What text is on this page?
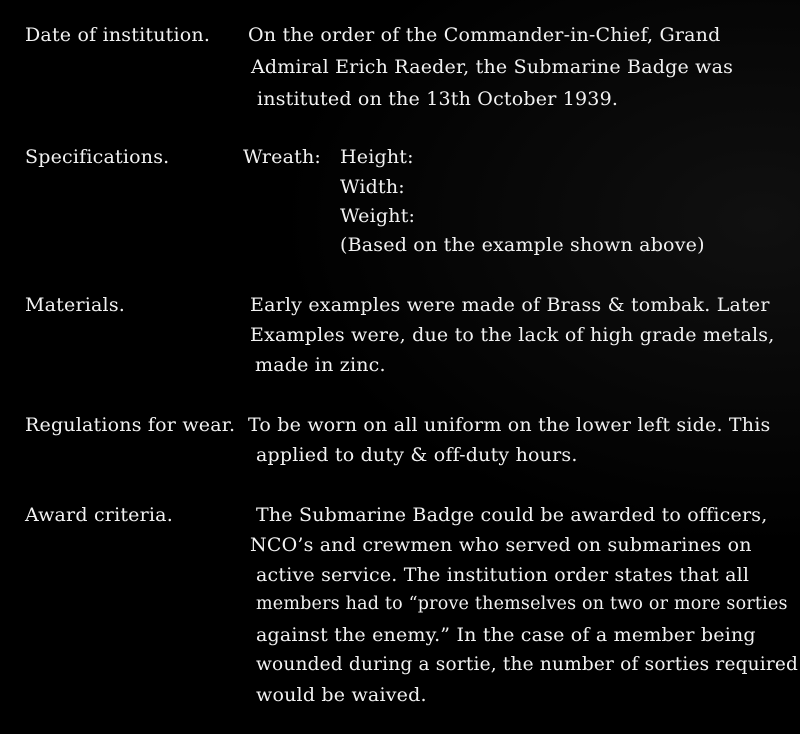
Date of institution. On the order of the Commander-in-Chief, Grand
Admiral Erich Raeder, the Submarine Badge was
instituted on the 13th October 1939.
Specifications.	Wreath: Height:
Width:
Weight:
(Based on the example shown above)
Materials.	Early examples were made of Brass & tombak. Later
Examples were, due to the lack of high grade metals,
made in zinc.
Regulations for wear. To be worn on all uniform on the lower left side. This
applied to duty & off-duty hours.
Award criteria.	The Submarine Badge could be awarded to officers,
NCO’s and crewmen who served on submarines on
active service. The institution order states that all
members had to “prove themselves on two or more sorties
against the enemy.” In the case of a member being
wounded during a sortie, the number of sorties required
would be waived.
